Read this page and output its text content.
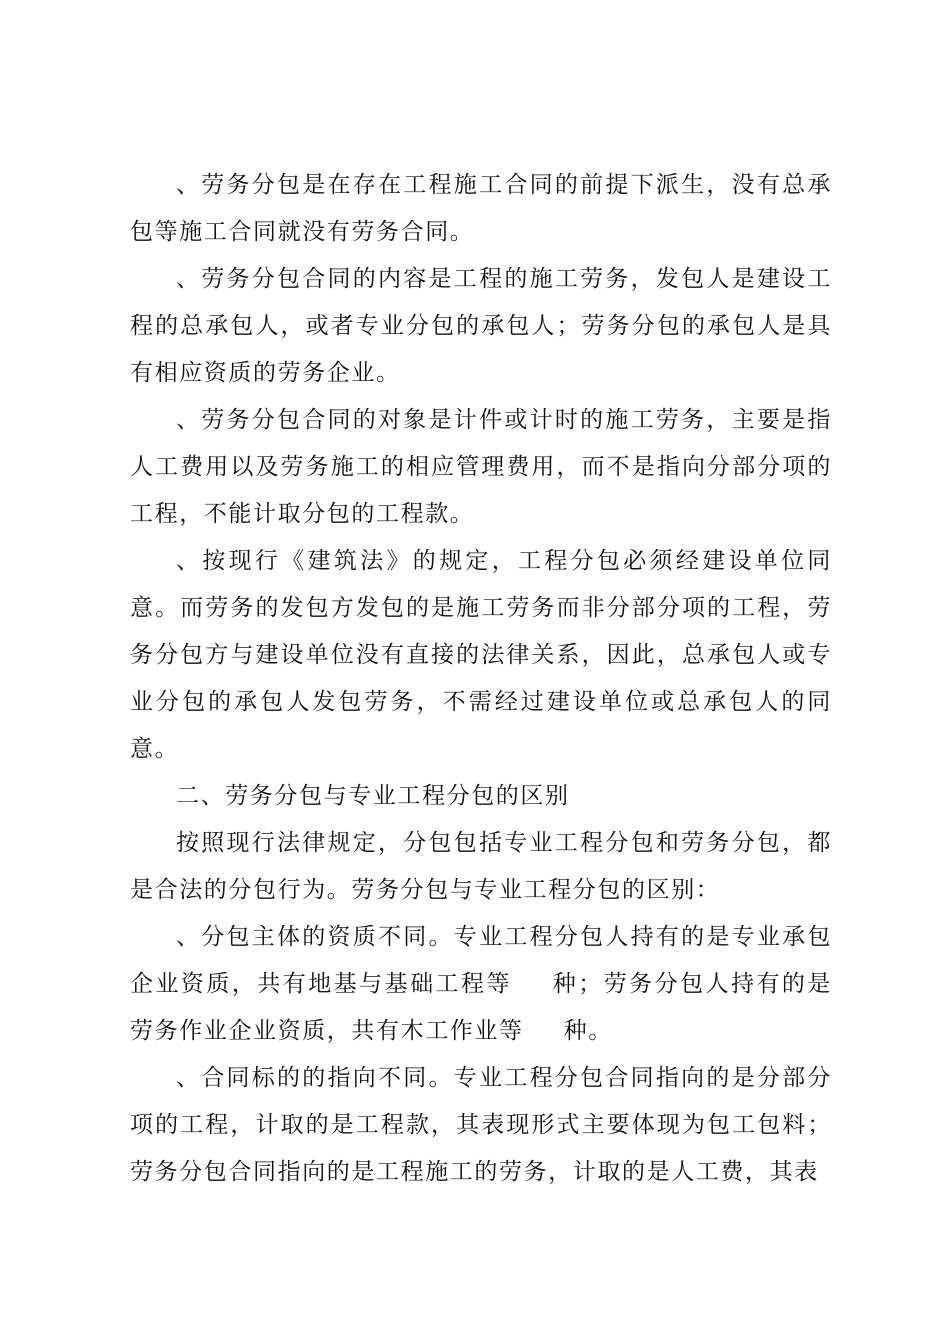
、劳务分包是在存在工程施工合同的前提下派生，没有总承包等施工合同就没有劳务合同。

、劳务分包合同的内容是工程的施工劳务，发包人是建设工程的总承包人，或者专业分包的承包人；劳务分包的承包人是具有相应资质的劳务企业。

、劳务分包合同的对象是计件或计时的施工劳务，主要是指人工费用以及劳务施工的相应管理费用，而不是指向分部分项的工程，不能计取分包的工程款。

、按现行《建筑法》的规定，工程分包必须经建设单位同意。而劳务的发包方发包的是施工劳务而非分部分项的工程，劳务分包方与建设单位没有直接的法律关系，因此，总承包人或专业分包的承包人发包劳务，不需经过建设单位或总承包人的同意。

二、劳务分包与专业工程分包的区别

按照现行法律规定，分包包括专业工程分包和劳务分包，都是合法的分包行为。劳务分包与专业工程分包的区别：

、分包主体的资质不同。专业工程分包人持有的是专业承包企业资质，共有地基与基础工程等 种；劳务分包人持有的是劳务作业企业资质，共有木工作业等 种。

、合同标的的指向不同。专业工程分包合同指向的是分部分项的工程，计取的是工程款，其表现形式主要体现为包工包料；劳务分包合同指向的是工程施工的劳务，计取的是人工费，其表
